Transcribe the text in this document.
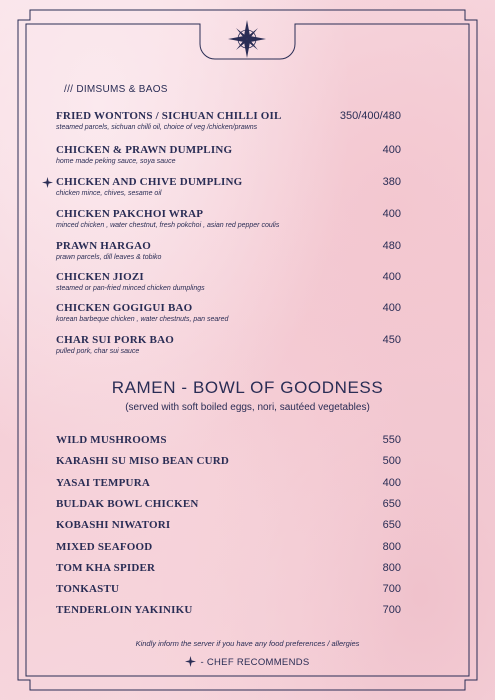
/// DIMSUMS & BAOS
FRIED WONTONS / SICHUAN CHILLI OIL
steamed parcels, sichuan chilli oil, choice of veg /chicken/prawns
350/400/480
CHICKEN & PRAWN DUMPLING
home made peking sauce, soya sauce
400
CHICKEN AND CHIVE DUMPLING
chicken mince, chives, sesame oil
380
CHICKEN PAKCHOI WRAP
minced chicken , water chestnut, fresh pokchoi , asian red pepper coulis
400
PRAWN HARGAO
prawn parcels, dill leaves & tobiko
480
CHICKEN JIOZI
steamed or pan-fried minced chicken dumplings
400
CHICKEN GOGIGUI BAO
korean barbeque chicken , water chestnuts, pan seared
400
CHAR SUI PORK BAO
pulled pork, char sui sauce
450
RAMEN - BOWL OF GOODNESS
(served with soft boiled eggs, nori, sautéed vegetables)
WILD MUSHROOMS	550
KARASHI SU MISO BEAN CURD	500
YASAI TEMPURA	400
BULDAK BOWL CHICKEN	650
KOBASHI NIWATORI	650
MIXED SEAFOOD	800
TOM KHA SPIDER	800
TONKASTU	700
TENDERLOIN YAKINIKU	700
Kindly inform the server if you have any food preferences / allergies
- CHEF RECOMMENDS
